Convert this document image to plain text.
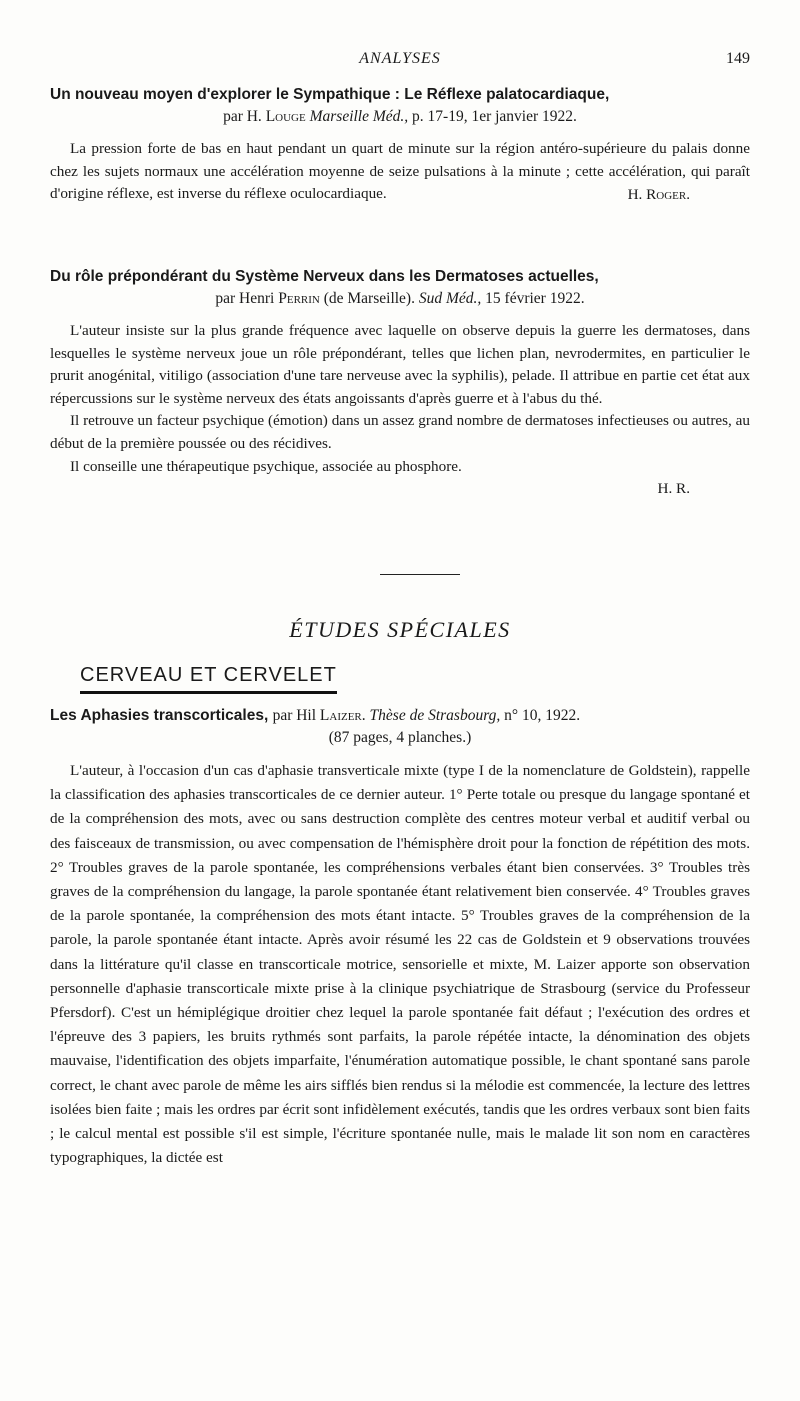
ANALYSES	149
Un nouveau moyen d'explorer le Sympathique : Le Réflexe palatocardiaque,
par H. Louge Marseille Méd., p. 17-19, 1er janvier 1922.

La pression forte de bas en haut pendant un quart de minute sur la région antéro-supérieure du palais donne chez les sujets normaux une accélération moyenne de seize pulsations à la minute ; cette accélération, qui paraît d'origine réflexe, est inverse du réflexe oculocardiaque.	H. Roger.
Du rôle prépondérant du Système Nerveux dans les Dermatoses actuelles,
par Henri Perrin (de Marseille). Sud Méd., 15 février 1922.

L'auteur insiste sur la plus grande fréquence avec laquelle on observe depuis la guerre les dermatoses, dans lesquelles le système nerveux joue un rôle prépondérant, telles que lichen plan, nevrodermites, en particulier le prurit anogénital, vitiligo (association d'une tare nerveuse avec la syphilis), pelade. Il attribue en partie cet état aux répercussions sur le système nerveux des états angoissants d'après guerre et à l'abus du thé.

Il retrouve un facteur psychique (émotion) dans un assez grand nombre de dermatoses infectieuses ou autres, au début de la première poussée ou des récidives.

Il conseille une thérapeutique psychique, associée au phosphore.

H. R.
ÉTUDES SPÉCIALES
CERVEAU ET CERVELET
Les Aphasies transcorticales, par Hil Laizer. Thèse de Strasbourg, n° 10, 1922.
(87 pages, 4 planches.)

L'auteur, à l'occasion d'un cas d'aphasie transverticale mixte (type I de la nomenclature de Goldstein), rappelle la classification des aphasies transcorticales de ce dernier auteur. 1° Perte totale ou presque du langage spontané et de la compréhension des mots, avec ou sans destruction complète des centres moteur verbal et auditif verbal ou des faisceaux de transmission, ou avec compensation de l'hémisphère droit pour la fonction de répétition des mots. 2° Troubles graves de la parole spontanée, les compréhensions verbales étant bien conservées. 3° Troubles très graves de la compréhension du langage, la parole spontanée étant relativement bien conservée. 4° Troubles graves de la parole spontanée, la compréhension des mots étant intacte. 5° Troubles graves de la compréhension de la parole, la parole spontanée étant intacte. Après avoir résumé les 22 cas de Goldstein et 9 observations trouvées dans la littérature qu'il classe en transcorticale motrice, sensorielle et mixte, M. Laizer apporte son observation personnelle d'aphasie transcorticale mixte prise à la clinique psychiatrique de Strasbourg (service du Professeur Pfersdorf). C'est un hémiplégique droitier chez lequel la parole spontanée fait défaut ; l'exécution des ordres et l'épreuve des 3 papiers, les bruits rythmés sont parfaits, la parole répétée intacte, la dénomination des objets mauvaise, l'identification des objets imparfaite, l'énumération automatique possible, le chant spontané sans parole correct, le chant avec parole de même les airs sifflés bien rendus si la mélodie est commencée, la lecture des lettres isolées bien faite ; mais les ordres par écrit sont infidèlement exécutés, tandis que les ordres verbaux sont bien faits ; le calcul mental est possible s'il est simple, l'écriture spontanée nulle, mais le malade lit son nom en caractères typographiques, la dictée est
